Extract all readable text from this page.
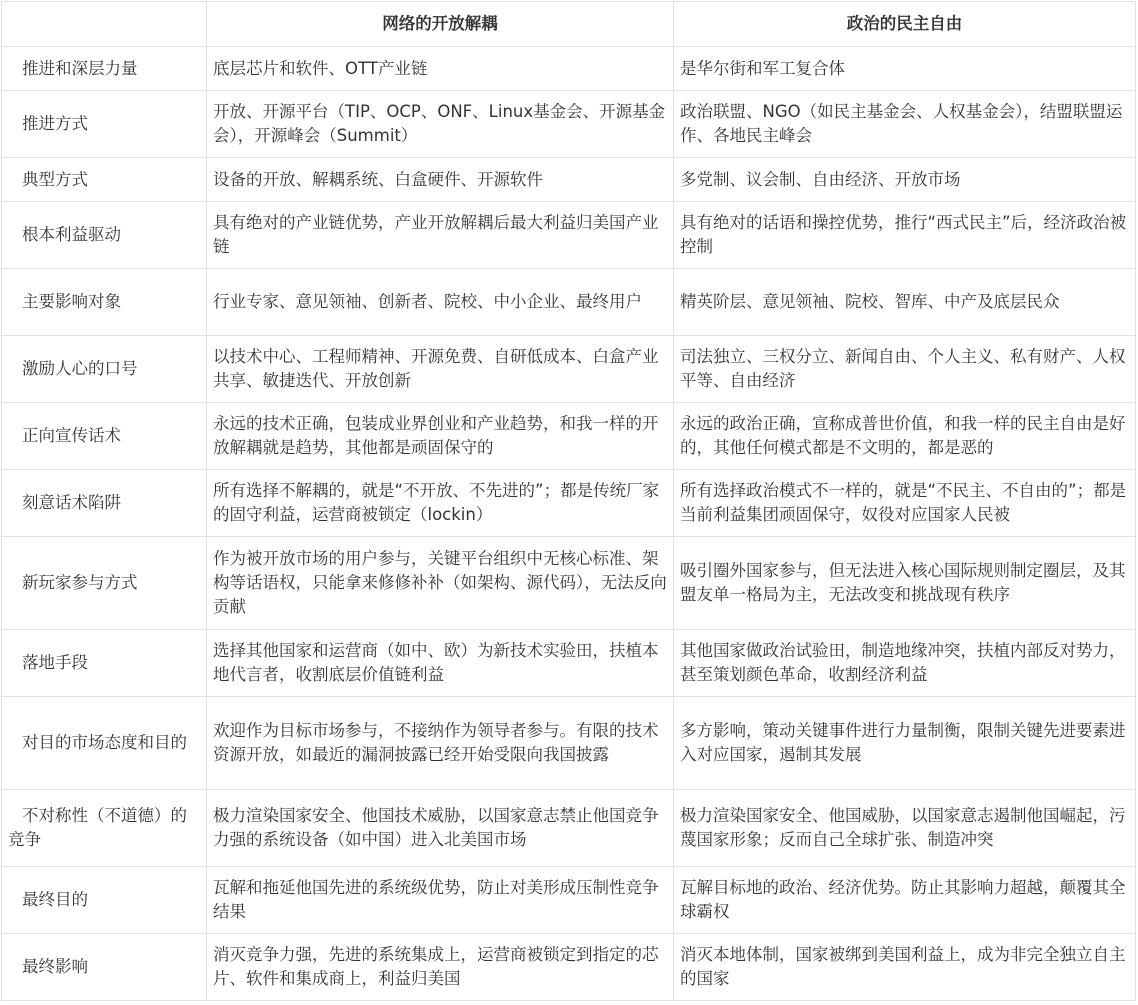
	网络的开放解耦	政治的民主自由
推进和深层力量	底层芯片和软件、OTT产业链	是华尔街和军工复合体
推进方式	开放、开源平台（TIP、OCP、ONF、Linux基金会、开源基金会），开源峰会（Summit）	政治联盟、NGO（如民主基金会、人权基金会），结盟联盟运作、各地民主峰会
典型方式	设备的开放、解耦系统、白盒硬件、开源软件	多党制、议会制、自由经济、开放市场
根本利益驱动	具有绝对的产业链优势，产业开放解耦后最大利益归美国产业链	具有绝对的话语和操控优势，推行“西式民主”后，经济政治被控制
主要影响对象	行业专家、意见领袖、创新者、院校、中小企业、最终用户	精英阶层、意见领袖、院校、智库、中产及底层民众
激励人心的口号	以技术中心、工程师精神、开源免费、自研低成本、白盒产业共享、敏捷迭代、开放创新	司法独立、三权分立、新闻自由、个人主义、私有财产、人权平等、自由经济
正向宣传话术	永远的技术正确，包装成业界创业和产业趋势，和我一样的开放解耦就是趋势，其他都是顽固保守的	永远的政治正确，宣称成普世价值，和我一样的民主自由是好的，其他任何模式都是不文明的，都是恶的
刻意话术陷阱	所有选择不解耦的，就是“不开放、不先进的”；都是传统厂家的固守利益，运营商被锁定（lockin）	所有选择政治模式不一样的，就是“不民主、不自由的”；都是当前利益集团顽固保守，奴役对应国家人民被
新玩家参与方式	作为被开放市场的用户参与，关键平台组织中无核心标准、架构等话语权，只能拿来修修补补（如架构、源代码），无法反向贡献	吸引圈外国家参与，但无法进入核心国际规则制定圈层，及其盟友单一格局为主，无法改变和挑战现有秩序
落地手段	选择其他国家和运营商（如中、欧）为新技术实验田，扶植本地代言者，收割底层价值链利益	其他国家做政治试验田，制造地缘冲突，扶植内部反对势力，甚至策划颜色革命，收割经济利益
对目的市场态度和目的	欢迎作为目标市场参与，不接纳作为领导者参与。有限的技术资源开放，如最近的漏洞披露已经开始受限向我国披露	多方影响，策动关键事件进行力量制衡，限制关键先进要素进入对应国家，遏制其发展
不对称性（不道德）的竞争	极力渲染国家安全、他国技术威胁，以国家意志禁止他国竞争力强的系统设备（如中国）进入北美国市场	极力渲染国家安全、他国威胁，以国家意志遏制他国崛起，污蔑国家形象；反而自己全球扩张、制造冲突
最终目的	瓦解和拖延他国先进的系统级优势，防止对美形成压制性竞争结果	瓦解目标地的政治、经济优势。防止其影响力超越，颠覆其全球霸权
最终影响	消灭竞争力强，先进的系统集成上，运营商被锁定到指定的芯片、软件和集成商上，利益归美国	消灭本地体制，国家被绑到美国利益上，成为非完全独立自主的国家
